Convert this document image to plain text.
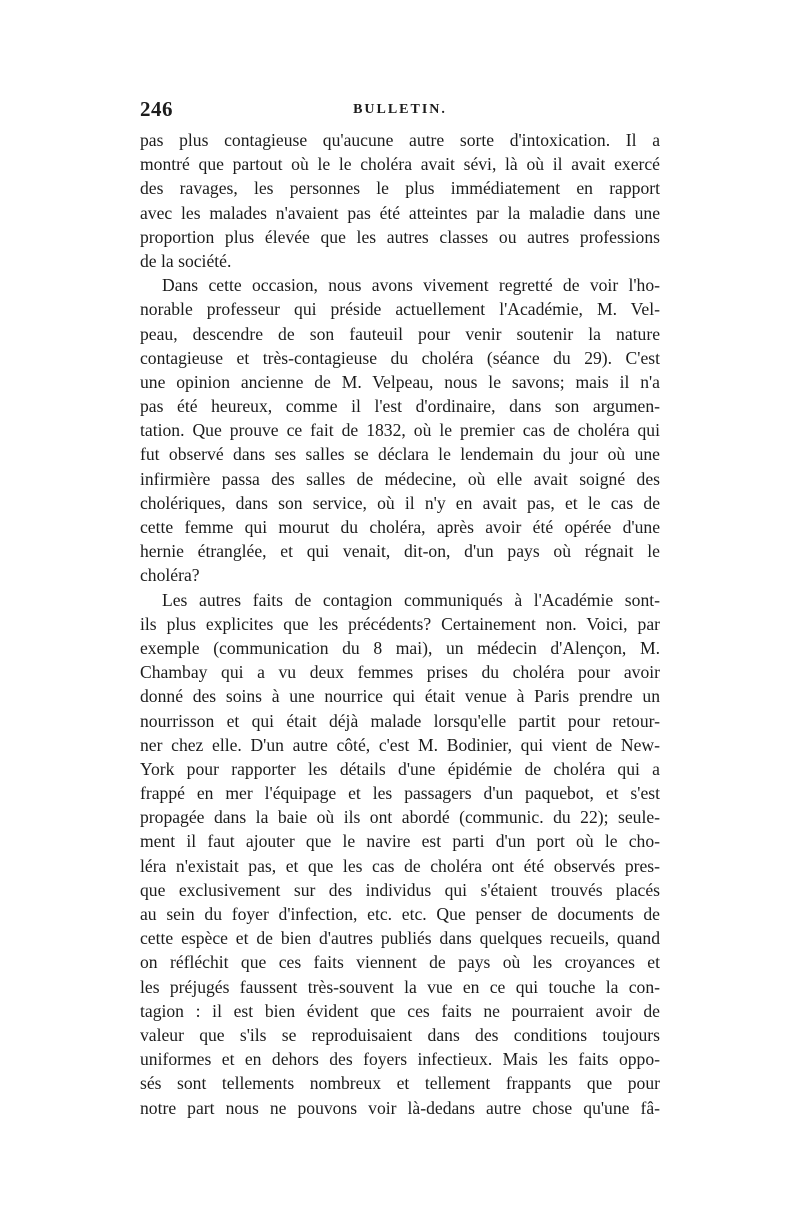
246	BULLETIN.
pas plus contagieuse qu'aucune autre sorte d'intoxication. Il a
montré que partout où le le choléra avait sévi, là où il avait exercé
des ravages, les personnes le plus immédiatement en rapport
avec les malades n'avaient pas été atteintes par la maladie dans une
proportion plus élevée que les autres classes ou autres professions
de la société.
Dans cette occasion, nous avons vivement regretté de voir l'ho-
norable professeur qui préside actuellement l'Académie, M. Vel-
peau, descendre de son fauteuil pour venir soutenir la nature
contagieuse et très-contagieuse du choléra (séance du 29). C'est
une opinion ancienne de M. Velpeau, nous le savons; mais il n'a
pas été heureux, comme il l'est d'ordinaire, dans son argumen-
tation. Que prouve ce fait de 1832, où le premier cas de choléra qui
fut observé dans ses salles se déclara le lendemain du jour où une
infirmière passa des salles de médecine, où elle avait soigné des
cholériques, dans son service, où il n'y en avait pas, et le cas de
cette femme qui mourut du choléra, après avoir été opérée d'une
hernie étranglée, et qui venait, dit-on, d'un pays où régnait le
choléra?
Les autres faits de contagion communiqués à l'Académie sont-
ils plus explicites que les précédents? Certainement non. Voici, par
exemple (communication du 8 mai), un médecin d'Alençon, M.
Chambay qui a vu deux femmes prises du choléra pour avoir
donné des soins à une nourrice qui était venue à Paris prendre un
nourrisson et qui était déjà malade lorsqu'elle partit pour retour-
ner chez elle. D'un autre côté, c'est M. Bodinier, qui vient de New-
York pour rapporter les détails d'une épidémie de choléra qui a
frappé en mer l'équipage et les passagers d'un paquebot, et s'est
propagée dans la baie où ils ont abordé (communic. du 22); seule-
ment il faut ajouter que le navire est parti d'un port où le cho-
léra n'existait pas, et que les cas de choléra ont été observés pres-
que exclusivement sur des individus qui s'étaient trouvés placés
au sein du foyer d'infection, etc. etc. Que penser de documents de
cette espèce et de bien d'autres publiés dans quelques recueils, quand
on réfléchit que ces faits viennent de pays où les croyances et
les préjugés faussent très-souvent la vue en ce qui touche la con-
tagion : il est bien évident que ces faits ne pourraient avoir de
valeur que s'ils se reproduisaient dans des conditions toujours
uniformes et en dehors des foyers infectieux. Mais les faits oppo-
sés sont tellements nombreux et tellement frappants que pour
notre part nous ne pouvons voir là-dedans autre chose qu'une fâ-
